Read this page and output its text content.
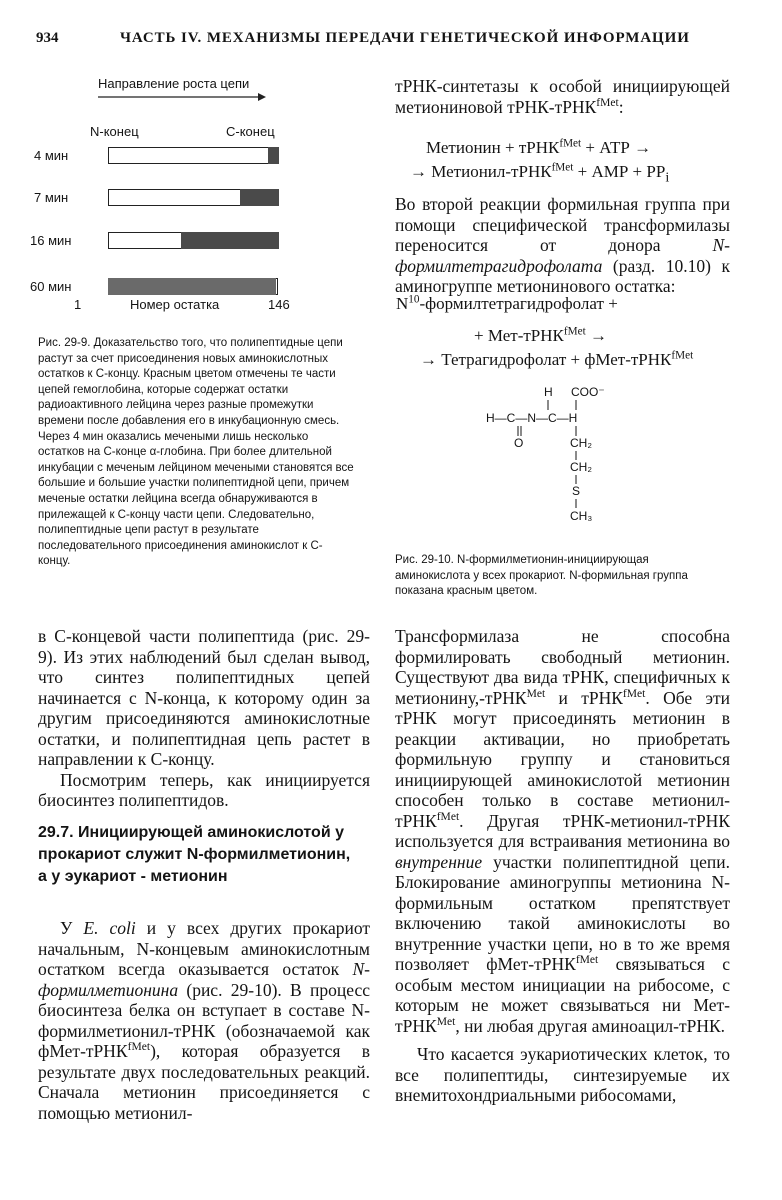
934	ЧАСТЬ IV. МЕХАНИЗМЫ ПЕРЕДАЧИ ГЕНЕТИЧЕСКОЙ ИНФОРМАЦИИ
Направление роста цепи
N-конец	С-конец
4 мин
7 мин
16 мин
60 мин
1	Номер остатка	146

Рис. 29-9. Доказательство того, что полипептидные цепи растут за счет присоединения новых аминокислотных остатков к С-концу. Красным цветом отмечены те части цепей гемоглобина, которые содержат остатки радиоактивного лейцина через разные промежутки времени после добавления его в инкубационную смесь. Через 4 мин оказались мечеными лишь несколько остатков на С-конце α-глобина. При более длительной инкубации с меченым лейцином мечеными становятся все большие и большие участки полипептидной цепи, причем меченые остатки лейцина всегда обнаруживаются в прилежащей к С-концу части цепи. Следовательно, полипептидные цепи растут в результате последовательного присоединения аминокислот к С-концу.

в С-концевой части полипептида (рис. 29-9). Из этих наблюдений был сделан вывод, что синтез полипептидных цепей начинается с N-конца, к которому один за другим присоединяются аминокислотные остатки, и полипептидная цепь растет в направлении к С-концу.

Посмотрим теперь, как инициируется биосинтез полипептидов.

29.7. Инициирующей аминокислотой у прокариот служит N-формилметионин, а у эукариот - метионин

У E. coli и у всех других прокариот начальным, N-концевым аминокислотным остатком всегда оказывается остаток N-формилметионина (рис. 29-10). В процесс биосинтеза белка он вступает в составе N-формилметионил-тРНК (обозначаемой как фМет-тРНК$^{fMet}$), которая образуется в результате двух последовательных реакций. Сначала метионин присоединяется с помощью метионил-

тРНК-синтетазы к особой инициирующей метиониновой тРНК-тРНК$^{fMet}$:

Метионин + тРНК$^{fMet}$ + АТР →
→ Метионил-тРНК$^{fMet}$ + АМР + $РР_i$

Во второй реакции формильная группа при помощи специфической трансформилазы переносится от донора N-формилтетрагидрофолата (разд. 10.10) к аминогруппе метионинового остатка:

$N^{10}$-формилтетрагидрофолат +
+ Мет-тРНК$^{fMet}$ →
→ Тетрагидрофолат + фМет-тРНК$^{fMet}$
H COO⁻
H—C—N—C—H
O	CH₂
CH₂
S
CH₃

Рис. 29-10. N-формилметионин-инициирующая аминокислота у всех прокариот. N-формильная группа показана красным цветом.

Трансформилаза не способна формилировать свободный метионин. Существуют два вида тРНК, специфичных к метионину,-тРНК$^{Met}$ и тРНК$^{fMet}$. Обе эти тРНК могут присоединять метионин в реакции активации, но приобретать формильную группу и становиться инициирующей аминокислотой метионин способен только в составе метионил-тРНК$^{fMet}$. Другая тРНК-метионил-тРНК используется для встраивания метионина во внутренние участки полипептидной цепи. Блокирование аминогруппы метионина N-формильным остатком препятствует включению такой аминокислоты во внутренние участки цепи, но в то же время позволяет фМет-тРНК$^{fMet}$ связываться с особым местом инициации на рибосоме, с которым не может связываться ни Мет-тРНК$^{Met}$, ни любая другая аминоацил-тРНК.

Что касается эукариотических клеток, то все полипептиды, синтезируемые их внемитохондриальными рибосомами,
